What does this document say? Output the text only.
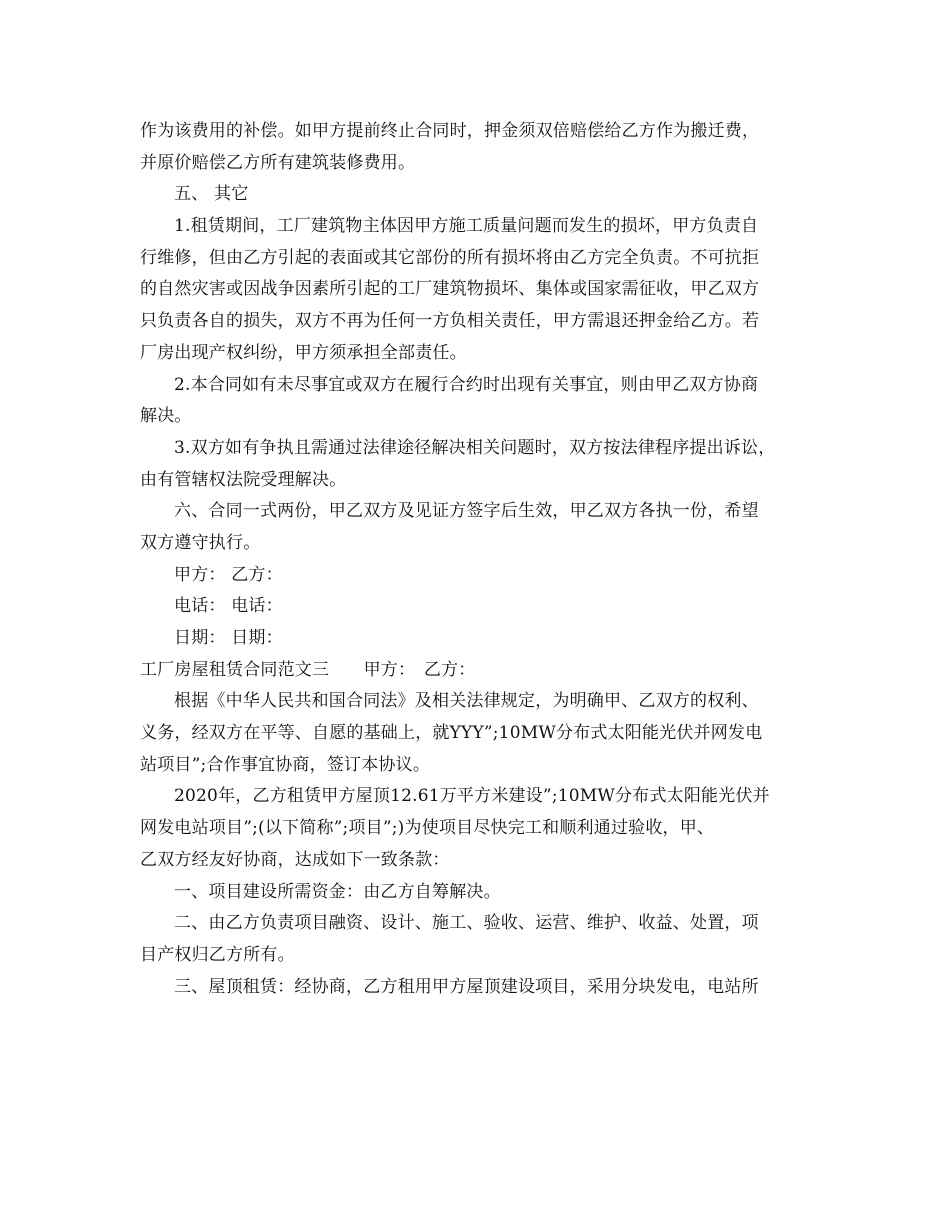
作为该费用的补偿。如甲方提前终止合同时，押金须双倍赔偿给乙方作为搬迁费，
并原价赔偿乙方所有建筑装修费用。
五、 其它
1.租赁期间，工厂建筑物主体因甲方施工质量问题而发生的损坏，甲方负责自
行维修，但由乙方引起的表面或其它部份的所有损坏将由乙方完全负责。不可抗拒
的自然灾害或因战争因素所引起的工厂建筑物损坏、集体或国家需征收，甲乙双方
只负责各自的损失，双方不再为任何一方负相关责任，甲方需退还押金给乙方。若
厂房出现产权纠纷，甲方须承担全部责任。
2.本合同如有未尽事宜或双方在履行合约时出现有关事宜，则由甲乙双方协商
解决。
3.双方如有争执且需通过法律途径解决相关问题时，双方按法律程序提出诉讼，
由有管辖权法院受理解决。
六、合同一式两份，甲乙双方及见证方签字后生效，甲乙双方各执一份，希望
双方遵守执行。
甲方： 乙方：
电话： 电话：
日期： 日期：
工厂房屋租赁合同范文三　　甲方：　乙方：
根据《中华人民共和国合同法》及相关法律规定，为明确甲、乙双方的权利、
义务，经双方在平等、自愿的基础上，就YYY”;10MW分布式太阳能光伏并网发电
站项目”;合作事宜协商，签订本协议。
2020年，乙方租赁甲方屋顶12.61万平方米建设”;10MW分布式太阳能光伏并
网发电站项目”;(以下简称”;项目”;)为使项目尽快完工和顺利通过验收，甲、
乙双方经友好协商，达成如下一致条款：
一、项目建设所需资金：由乙方自筹解决。
二、由乙方负责项目融资、设计、施工、验收、运营、维护、收益、处置，项
目产权归乙方所有。
三、屋顶租赁：经协商，乙方租用甲方屋顶建设项目，采用分块发电，电站所
